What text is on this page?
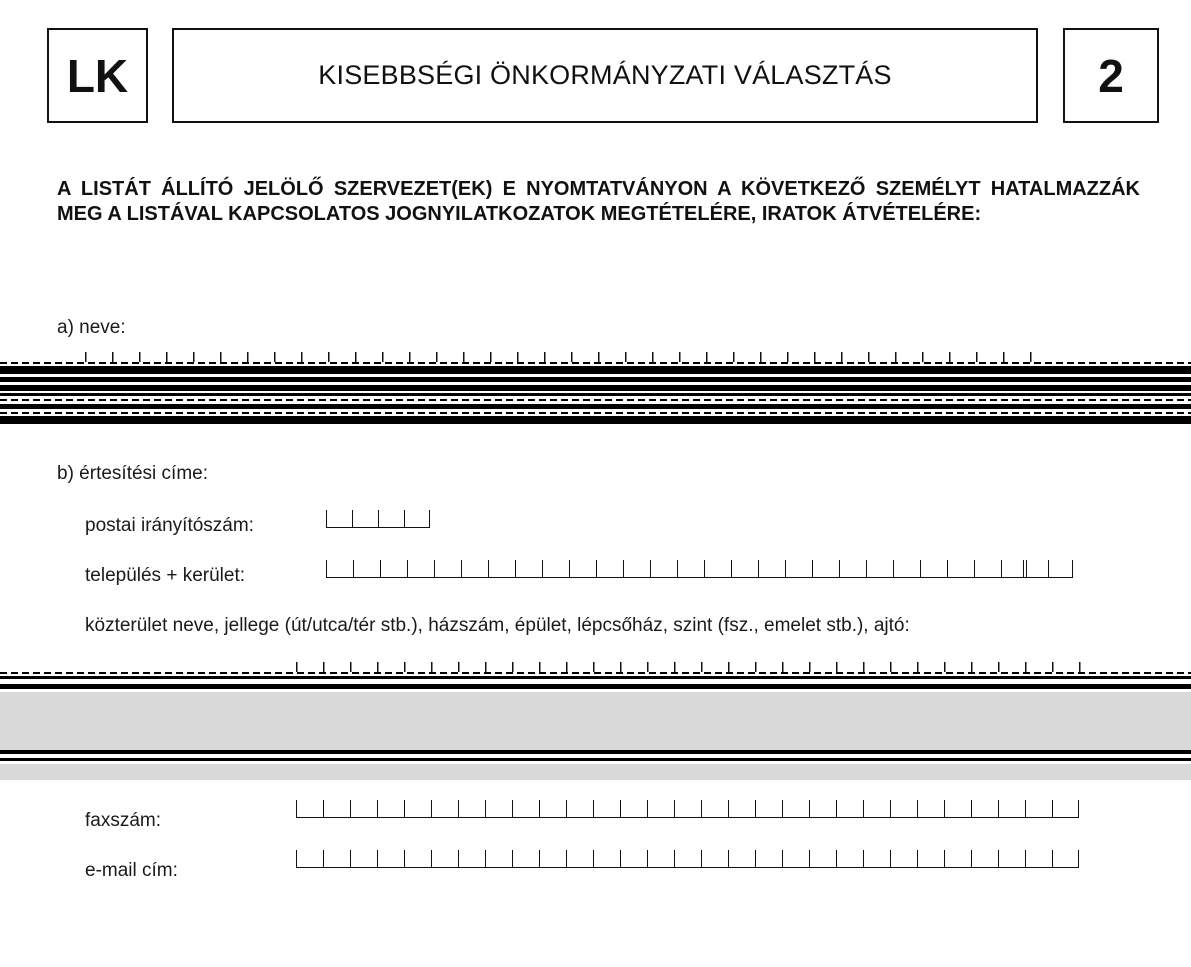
LK	KISEBBSÉGI ÖNKORMÁNYZATI VÁLASZTÁS	2
A LISTÁT ÁLLÍTÓ JELÖLŐ SZERVEZET(EK) E NYOMTATVÁNYON A KÖVETKEZŐ SZEMÉLYT HATALMAZZÁK MEG A LISTÁVAL KAPCSOLATOS JOGNYILATKOZATOK MEGTÉTELÉRE, IRATOK ÁTVÉTELÉRE:
a) neve:
b) értesítési címe:
postai irányítószám:
település + kerület:
közterület neve, jellege (út/utca/tér stb.), házszám, épület, lépcsőház, szint (fsz., emelet stb.), ajtó:
faxszám:
e-mail cím:
